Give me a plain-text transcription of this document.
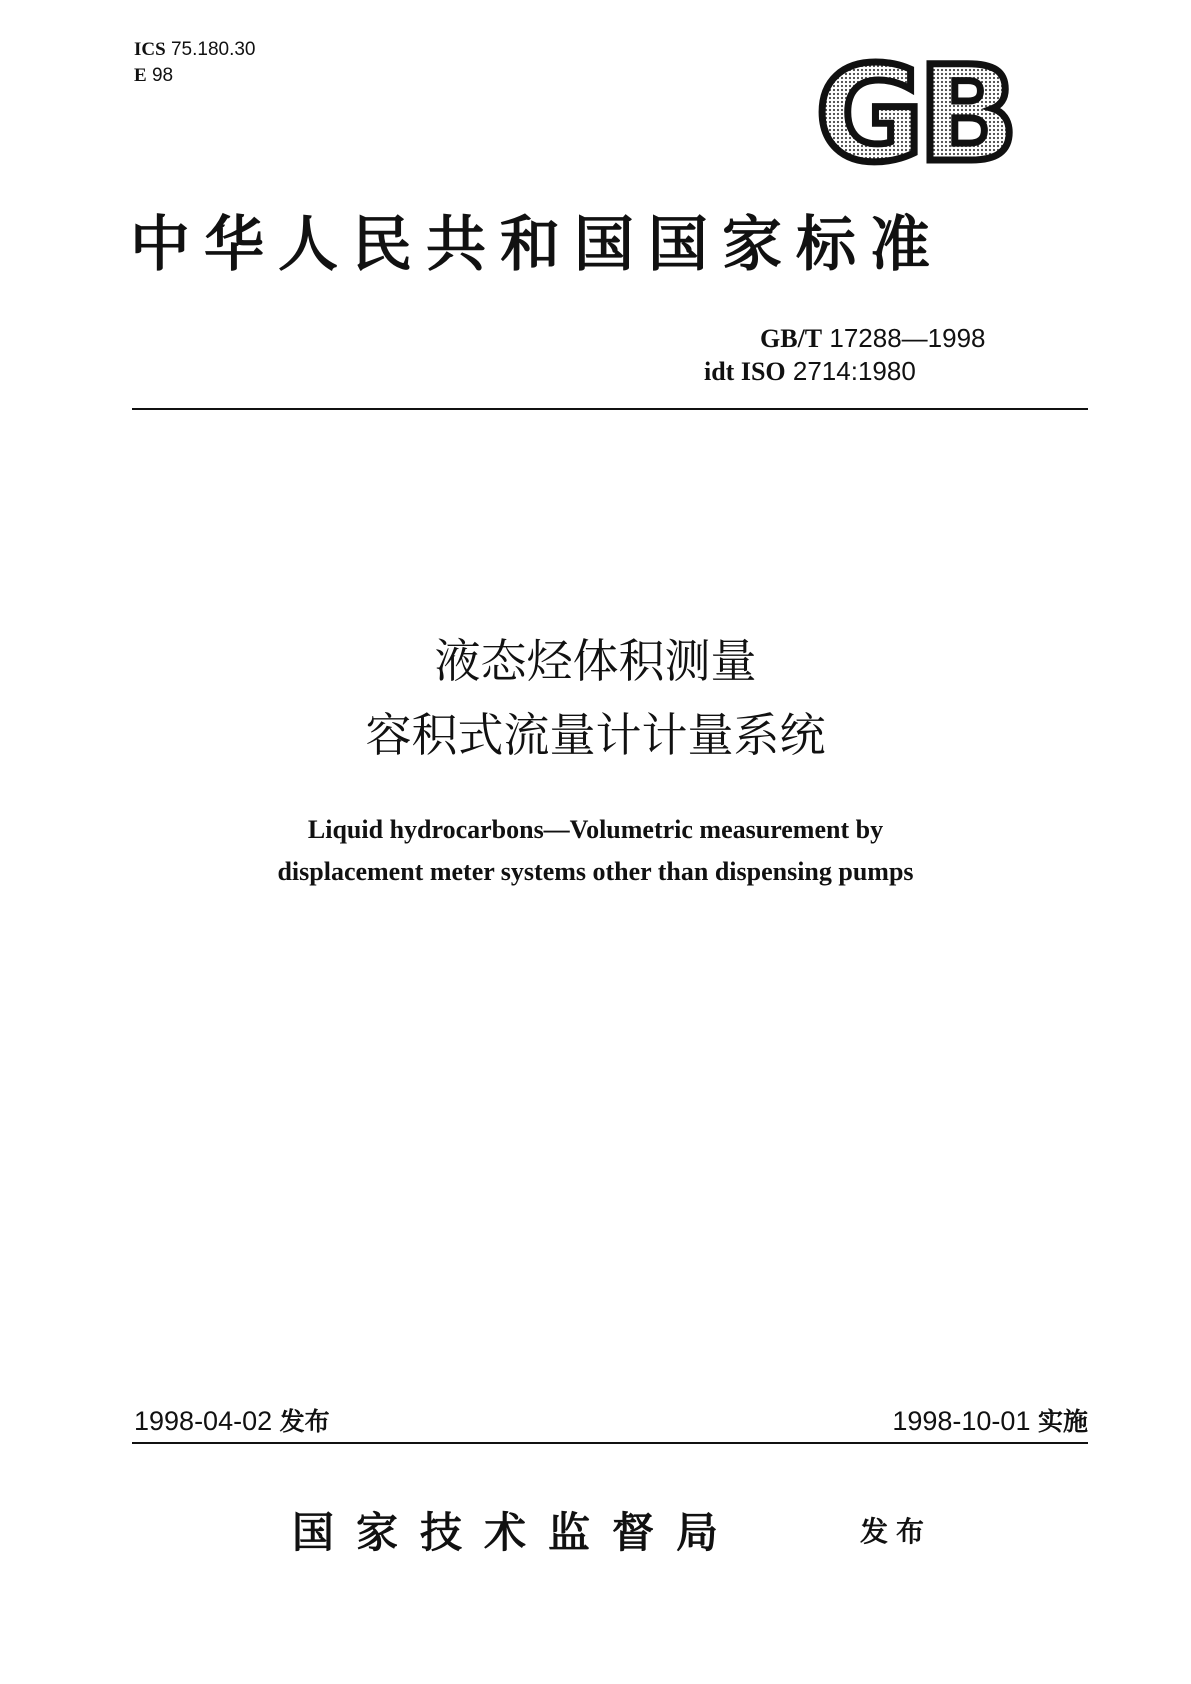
ICS 75.180.30
E 98	GB
中华人民共和国国家标准
GB/T 17288—1998
idt ISO 2714:1980
液态烃体积测量
容积式流量计计量系统
Liquid hydrocarbons—Volumetric measurement by
displacement meter systems other than dispensing pumps
1998-04-02 发布	1998-10-01 实施
国家技术监督局	发布
